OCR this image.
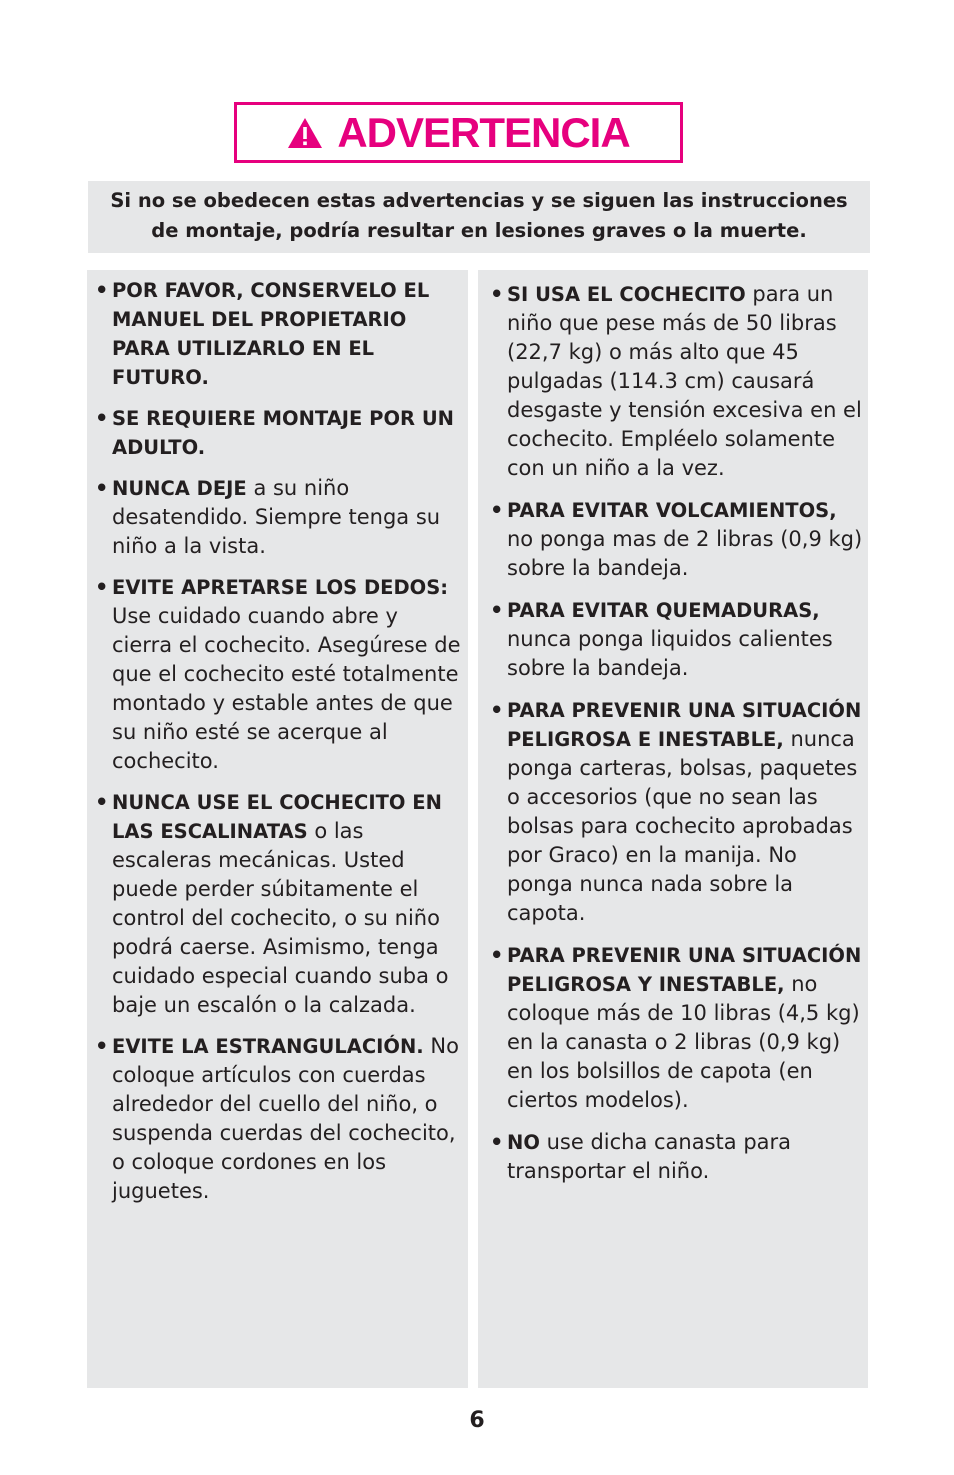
ADVERTENCIA
Si no se obedecen estas advertencias y se siguen las instrucciones
de montaje, podría resultar en lesiones graves o la muerte.
• POR FAVOR, CONSERVELO EL MANUEL DEL PROPIETARIO PARA UTILIZARLO EN EL FUTURO.
• SE REQUIERE MONTAJE POR UN ADULTO.
• NUNCA DEJE a su niño desatendido. Siempre tenga su niño a la vista.
• EVITE APRETARSE LOS DEDOS: Use cuidado cuando abre y cierra el cochecito. Asegúrese de que el cochecito esté totalmente montado y estable antes de que su niño esté se acerque al cochecito.
• NUNCA USE EL COCHECITO EN LAS ESCALINATAS o las escaleras mecánicas. Usted puede perder súbitamente el control del cochecito, o su niño podrá caerse. Asimismo, tenga cuidado especial cuando suba o baje un escalón o la calzada.
• EVITE LA ESTRANGULACIÓN. No coloque artículos con cuerdas alrededor del cuello del niño, o suspenda cuerdas del cochecito, o coloque cordones en los juguetes.
• SI USA EL COCHECITO para un niño que pese más de 50 libras (22,7 kg) o más alto que 45 pulgadas (114.3 cm) causará desgaste y tensión excesiva en el cochecito. Empléelo solamente con un niño a la vez.
• PARA EVITAR VOLCAMIENTOS, no ponga mas de 2 libras (0,9 kg) sobre la bandeja.
• PARA EVITAR QUEMADURAS, nunca ponga liquidos calientes sobre la bandeja.
• PARA PREVENIR UNA SITUACIÓN PELIGROSA E INESTABLE, nunca ponga carteras, bolsas, paquetes o accesorios (que no sean las bolsas para cochecito aprobadas por Graco) en la manija. No ponga nunca nada sobre la capota.
• PARA PREVENIR UNA SITUACIÓN PELIGROSA Y INESTABLE, no coloque más de 10 libras (4,5 kg) en la canasta o 2 libras (0,9 kg) en los bolsillos de capota (en ciertos modelos).
• NO use dicha canasta para transportar el niño.
6
